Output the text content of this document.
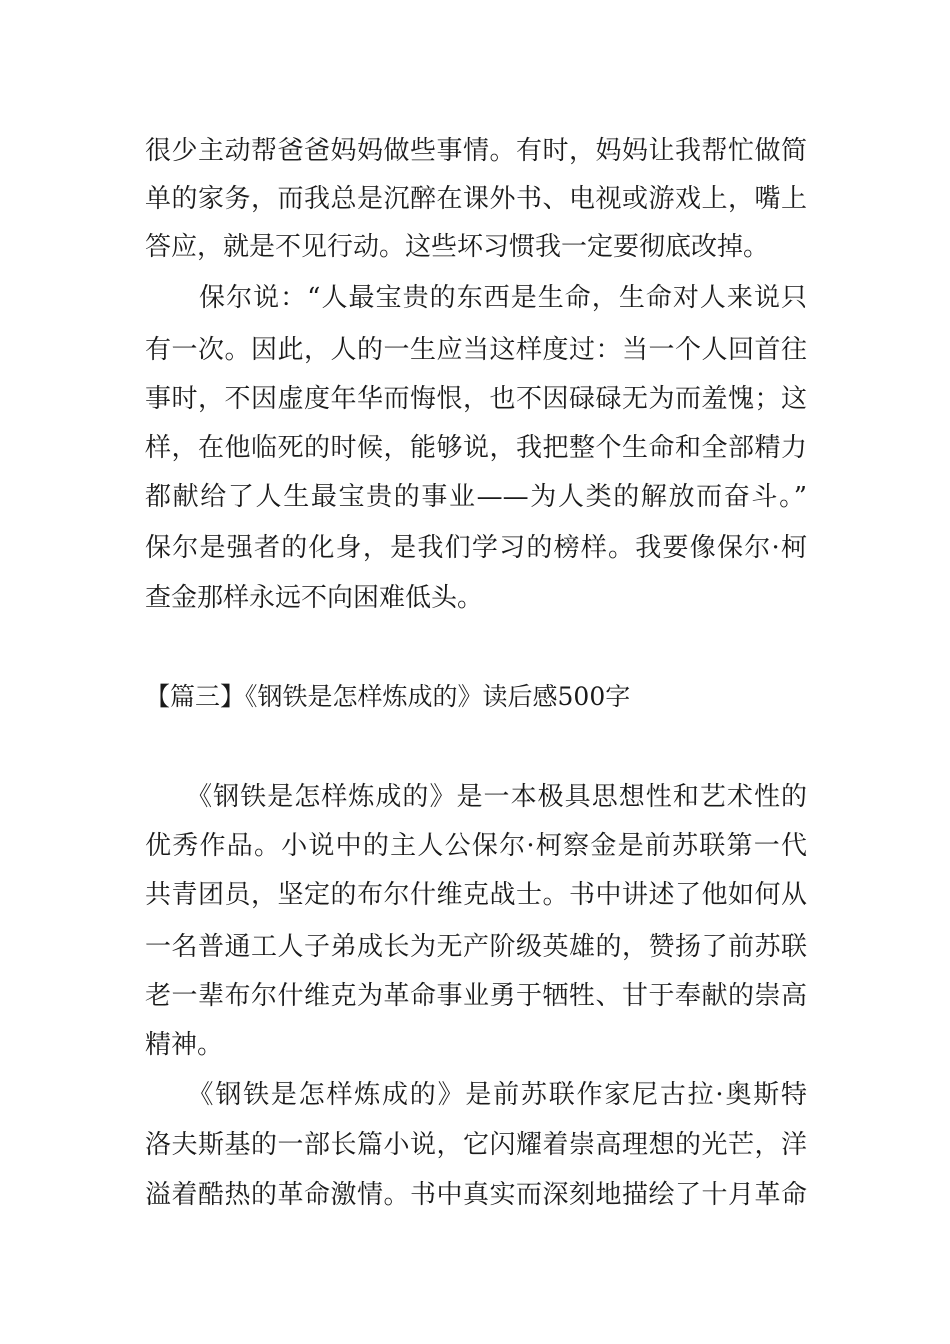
很少主动帮爸爸妈妈做些事情。有时，妈妈让我帮忙做简
单的家务，而我总是沉醉在课外书、电视或游戏上，嘴上
答应，就是不见行动。这些坏习惯我一定要彻底改掉。
　　保尔说：“人最宝贵的东西是生命，生命对人来说只
有一次。因此，人的一生应当这样度过：当一个人回首往
事时，不因虚度年华而悔恨，也不因碌碌无为而羞愧；这
样，在他临死的时候，能够说，我把整个生命和全部精力
都献给了人生最宝贵的事业——为人类的解放而奋斗。”
保尔是强者的化身，是我们学习的榜样。我要像保尔·柯
查金那样永远不向困难低头。
【篇三】《钢铁是怎样炼成的》读后感500字
　　《钢铁是怎样炼成的》是一本极具思想性和艺术性的
优秀作品。小说中的主人公保尔·柯察金是前苏联第一代
共青团员，坚定的布尔什维克战士。书中讲述了他如何从
一名普通工人子弟成长为无产阶级英雄的，赞扬了前苏联
老一辈布尔什维克为革命事业勇于牺牲、甘于奉献的崇高
精神。
　　《钢铁是怎样炼成的》是前苏联作家尼古拉·奥斯特
洛夫斯基的一部长篇小说，它闪耀着崇高理想的光芒，洋
溢着酷热的革命激情。书中真实而深刻地描绘了十月革命
